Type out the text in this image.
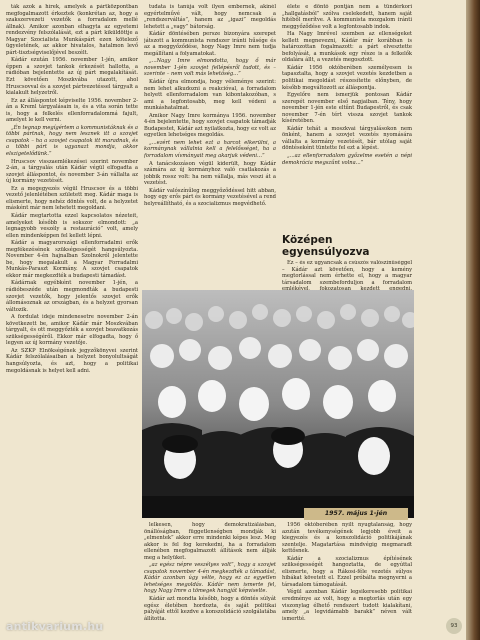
ták azok a hírek, amelyek a pártközpontban megfogalmazott érkeztek (konkrétan az, hogy a szakszervezeti vezetők a forradalom mellé állnak). Amikor azonban elhagyta az egyetemi rendezvény felszólalását, ezt a párt kiküldöttje a Magyar Szocialista Munkáspárt ezen kötelező ügyeletének, az akkor hivatalos, hatalmon levő párt-tisztségviselőjével beszélt.

Kádár ezután 1956. november 1-jén, amikor éppen a szovjet tankok érkezését hallotta, a rádióban bejelentette az új párt megalakítását. Ezt követően Moszkvába utazott, ahol Hruscsovval és a szovjet pártvezetéssel tárgyalt a kialakult helyzetről.

Ez az álláspontot képviselte 1956. november 2-án a Kreml tárgyalásain is, és a vita során tette is, hogy a felkelés ellenforradalommá fajult, amelyet le kell verni.

„Én tegnap megígértem a kommunistáknak és a többi pártnak, hogy nem lesznek itt a szovjet csapatok – ha a szovjet csapatok itt maradnak, és a többi párt is ugyanazt mondja, akkor elszigetelődünk.”

Hruscsov visszaemlékezései szerint november 2-án, a tárgyalás után Kádár végül elfogadta a szovjet álláspontot, és november 3-án vállalta az új kormány vezetését.

Ez a megegyezés végül Hruscsov és a többi vezető jelenlétében született meg. Kádár maga is elismerte, hogy nehéz döntés volt, de a helyzetet másként már nem lehetett megoldani.

Kádár megtartotta ezzel kapcsolatos nézeteit, amelyeket később is sokszor elmondott: „a legnagyobb veszély a restauráció” volt, amely ellen mindenképpen fel kellett lépni.

Kádár a magyarországi ellenforradalmi erők megfékezésének szükségességét hangsúlyozta. November 4-én hajnalban Szolnokról jelentette be, hogy megalakult a Magyar Forradalmi Munkás-Paraszt Kormány. A szovjet csapatok ekkor már megkezdték a budapesti támadást.

Kádárnak egyébként november 1-jén, a rádióbeszéde után megmondták a budapesti szovjet vezetők, hogy jelentős szovjet erők állomásoznak az országban, és a helyzet gyorsan változik.

A fordulat ideje mindenesetre november 2-án következett be, amikor Kádár már Moszkvában tárgyalt, és ott meggyőzték a szovjet beavatkozás szükségességéről. Ekkor már elfogadta, hogy ő legyen az új kormány vezetője.

Az SZKP Elnökségének jegyzőkönyvei szerint Kádár felszólalásaiban a helyzet bonyolultságát hangsúlyozta, és azt, hogy a politikai megoldásnak is helyet kell adni.

tudata is tanúja volt ilyen embernek, akinél egyértelművé vált, hogy nemcsak a „rendszerváltás”, hanem az „igazi” megoldás lehetett a „vagy” bátorság.

Kádár döntésében persze bizonyára szerepet játszott a kommunista rendszer iránti hűsége és az a meggyőződése, hogy Nagy Imre nem tudja megállítani a folyamatokat.

„...Nagy Imre elmondotta, hogy ő már november 1-jén szovjet fellépésről tudott, és – szerinte – nem volt más lehetőség...”

Kádár újra elmondja, hogy véleménye szerint: nem lehet alkudozni a reakcióval, a forradalom helyett ellenforradalom van kibontakozóban, s ami a legfontosabb, meg kell védeni a munkáshatalmat.

Amikor Nagy Imre kormánya 1956. november 4-én bejelentette, hogy szovjet csapatok támadják Budapestet, Kádár azt nyilatkozta, hogy ez volt az egyetlen lehetséges megoldás.

„...ezért nem lehet ezt a harcot elkerülni, a kormánynak vállalnia kell a felelősséget, ha a forradalom vívmányait meg akarjuk védeni...”

A tanácskozáson végül kiderült, hogy Kádár számára az új kormányhoz való csatlakozás a jobbik rossz volt: ha nem vállalja, más veszi át a vezetést.

Kádár valószínűleg meggyőződéssel hitt abban, hogy egy erős párt és kormány vezetésével a rend helyreállítható, és a szocializmus megvédhető.

élete e döntő pontján nem a tündérkori „hallgatásból” szólva cselekedett, hanem saját hitéből merítve. A kommunista mozgalom iránti meggyőződése volt a legfontosabb indok.

Ha Nagy Imrével szemben az ellenségeket kellett megnevezni, Kádár már korábban is határozottan fogalmazott: a párt elvesztette befolyását, a munkások egy része is a felkelők oldalára állt, a vezetés megosztott.

Kádár 1956 októberében személyesen is tapasztalta, hogy a szovjet vezetés kezdetben a politikai megoldást részesítette előnyben, de később megváltozott az álláspontja.

Egyelőre nem ismerjük pontosan Kádár szerepét november első napjaiban. Tény, hogy november 1-jén este eltűnt Budapestről, és csak november 7-én tért vissza szovjet tankok kíséretében.

Kádár tehát a moszkvai tárgyalásokon nem önként, hanem a szovjet vezetés nyomására vállalta a kormány vezetését, bár utólag saját döntéseként tüntette fel ezt a lépést.

„...az ellenforradalom győzelme esetén a népi demokrácia megszűnt volna...”

Középen egyensúlyozva

Ez – és ez ugyancsak a csúszós valószínűséggel – Kádár azt követően, hogy a kemény megtorlással nem érhette el, hogy a magyar társadalom szembeforduljon a forradalom

1957. május 1-jén

lelkesen, hogy demokratizálásban, önállóságban, függetlenségben mondják ki „elmentek” akkor erre mindenki képes lesz. Meg akkor is fel fog kerekedni, ha a forradalom ellenében megfogalmazott állítások nem állják meg a helyüket.

„az egész népre veszélyes volt”, hogy a szovjet csapatok november 4-én megkezdték a támadást, Kádár azonban úgy vélte, hogy ez az egyetlen lehetséges megoldás. Kádár nem ismerte fel, hogy Nagy Imre a tömegek hangját képviselte.

Kádár azt mondta később, hogy a döntés súlyát egész életében hordozta, és saját politikai pályáját ettől kezdve a konszolidáció szolgálatába állította.

1956 októberében nyílt nyugtalanság, hogy azután tevékenységének legjobb éveit a kiegyezés és a konszolidáció politikájának szentelje. Magatartása mindvégig megmaradt kettősnek.

Kádár a szocializmus építésének szükségességét hangoztatta, de egyúttal elismerte, hogy a Rákosi-féle vezetés súlyos hibákat követett el. Ezzel próbálta megnyerni a társadalom támogatását.

Végül azonban Kádár legsikeresebb politikai eredménye az volt, hogy a megtorlás után egy viszonylag élhető rendszert tudott kialakítani, amely „a legvidámabb barakk” néven vált ismertté.

93
antikvarium.hu
